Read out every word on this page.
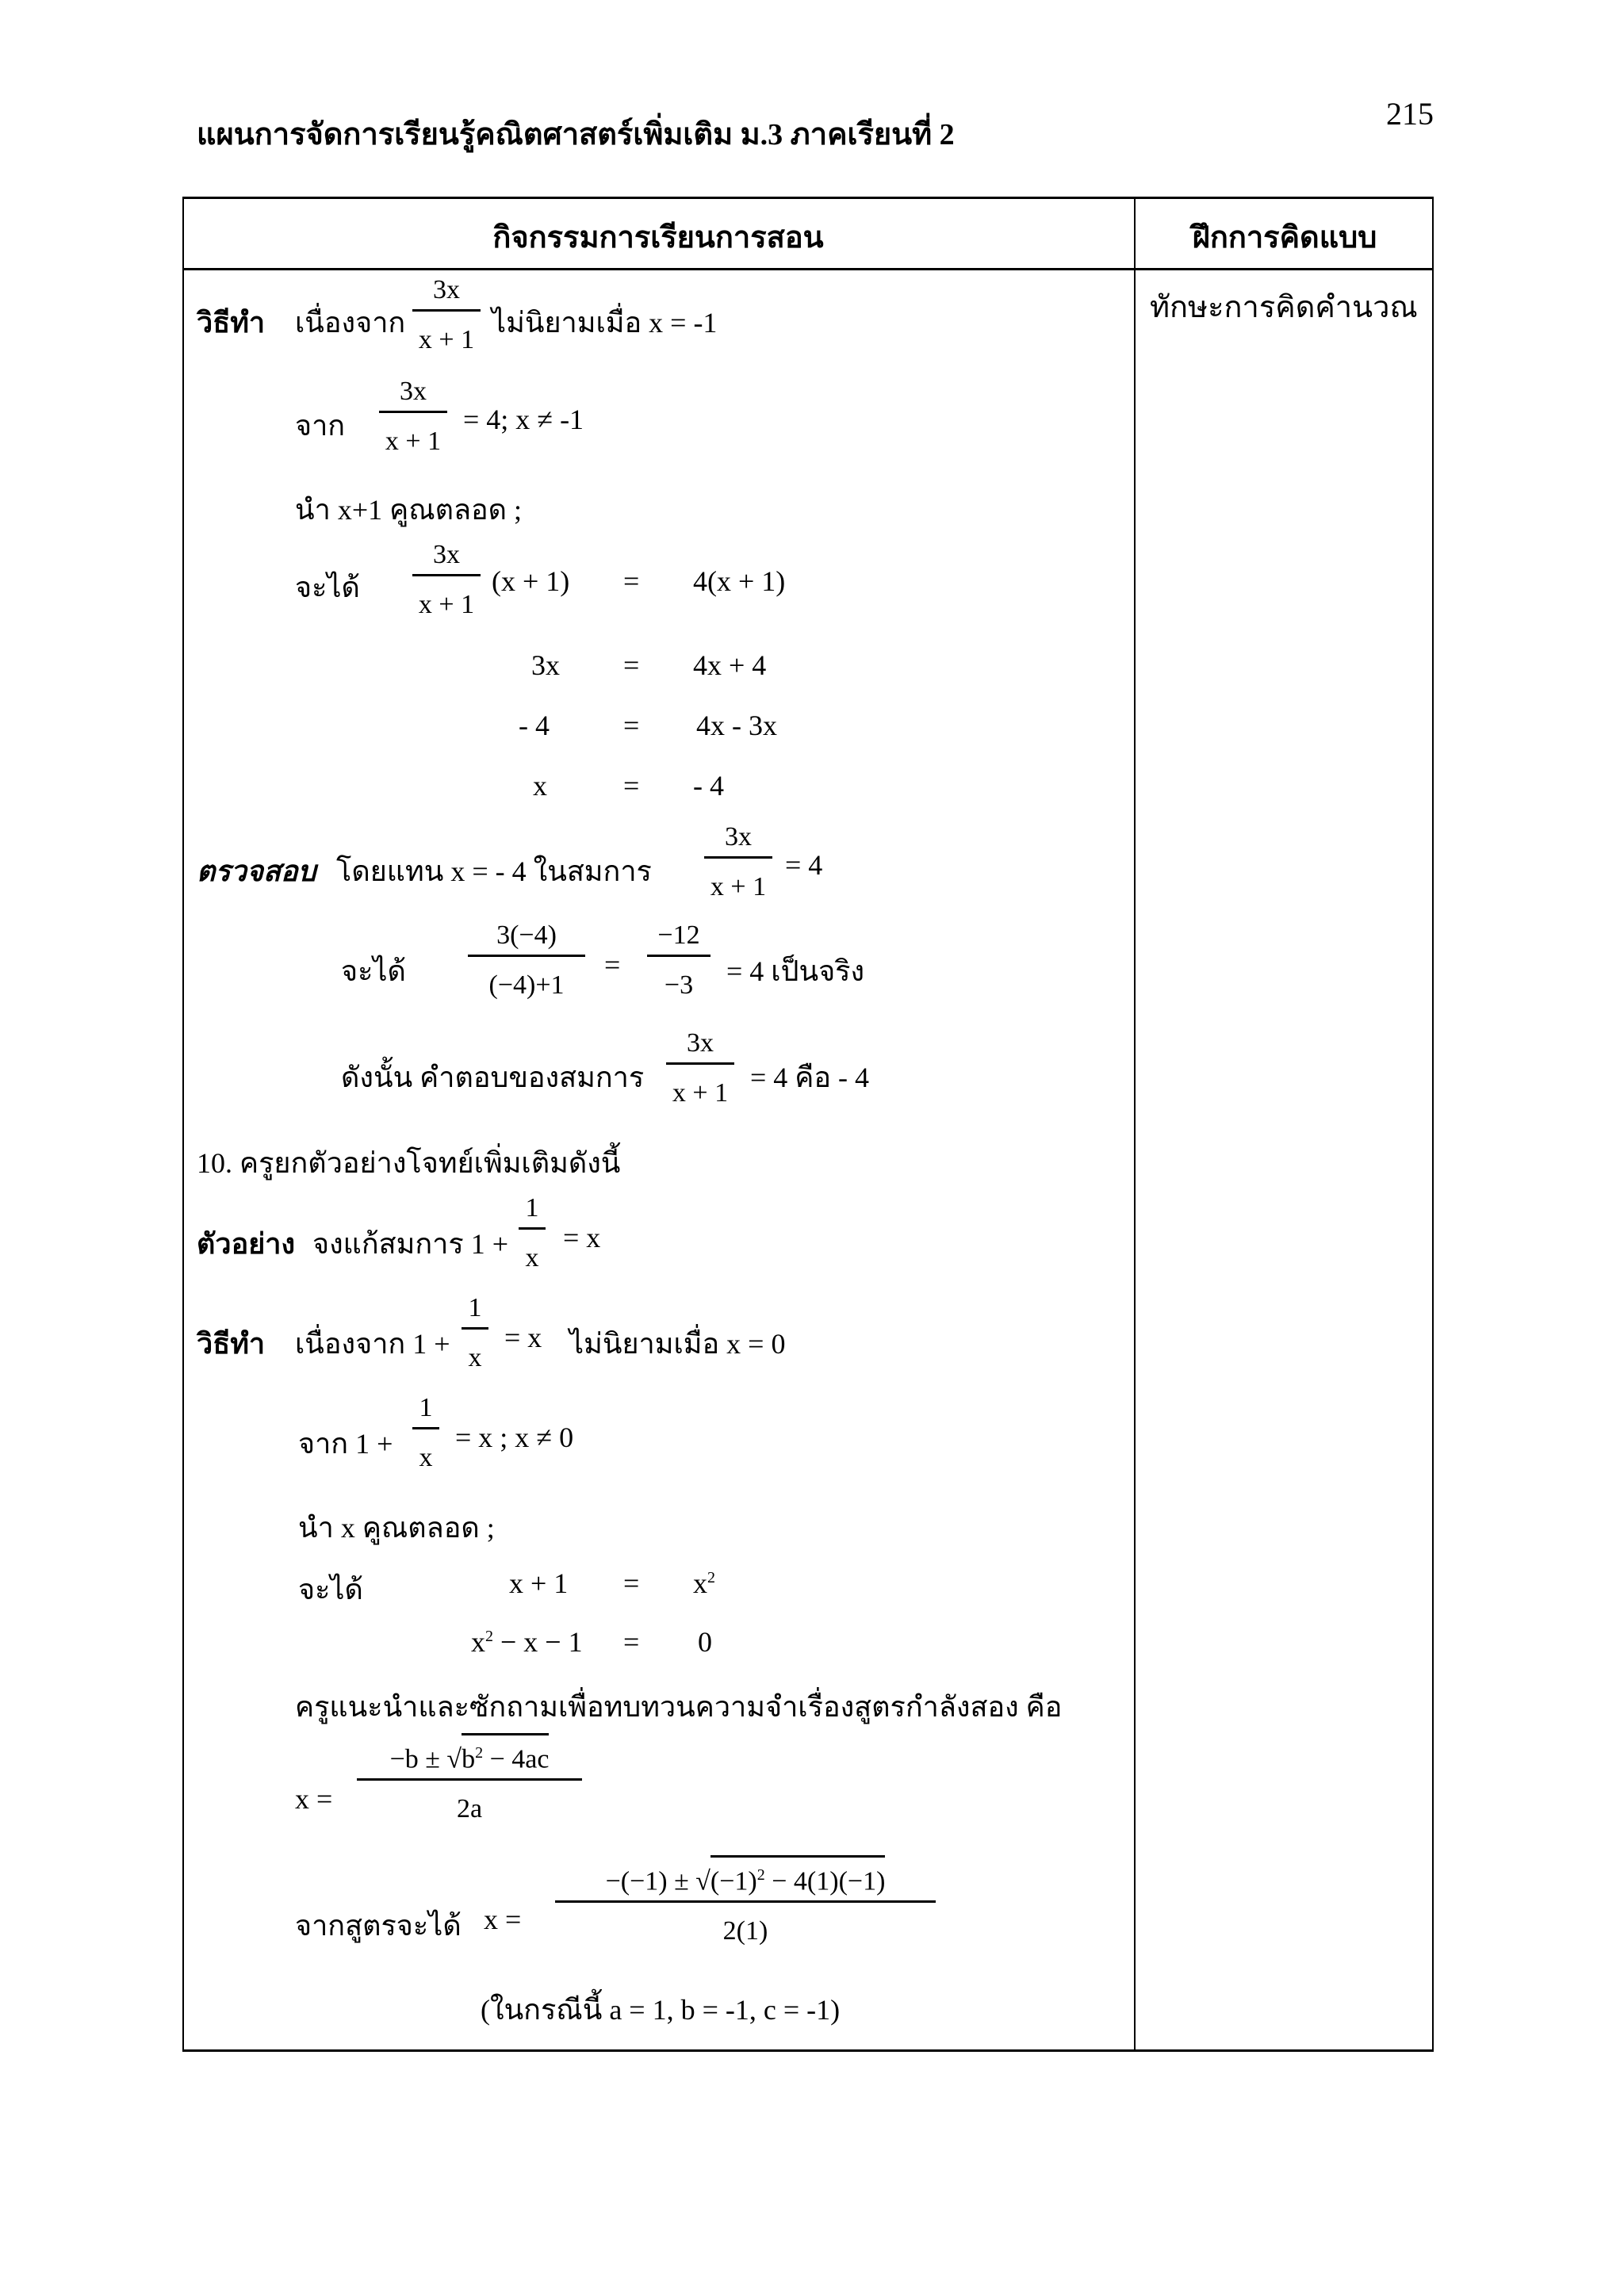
แผนการจัดการเรียนรู้คณิตศาสตร์เพิ่มเติม ม.3 ภาคเรียนที่ 2
215
กิจกรรมการเรียนการสอน	ฝึกการคิดแบบ
ทักษะการคิดคำนวณ
วิธีทำ เนื่องจาก
3x
x + 1
ไม่นิยามเมื่อ x = -1
จาก
3x
x + 1
= 4; x ≠ -1
นำ x+1 คูณตลอด ;
จะได้
3x
x + 1
(x + 1) = 4(x + 1)
3x = 4x + 4
- 4	= 4x - 3x
x	= - 4
ตรวจสอบ โดยแทน x = - 4 ในสมการ
3x
x + 1
= 4
จะได้
3(−4)
(−4)+1
=
−12
−3 = 4 เป็นจริง
ดังนั้น คำตอบของสมการ
3x
x + 1 = 4 คือ - 4
10. ครูยกตัวอย่างโจทย์เพิ่มเติมดังนี้
ตัวอย่าง จงแก้สมการ 1 +
1
x
= x
วิธีทำ เนื่องจาก 1 +
1
x
= x ไม่นิยามเมื่อ x = 0
จาก 1 +
1
x
= x ; x ≠ 0
นำ x คูณตลอด ;
จะได้	$x + 1 = x^2$
$x^2 - x - 1 = 0$
ครูแนะนำและซักถามเพื่อทบทวนความจำเรื่องสูตรกำลังสอง คือ
x =
$-b \pm √b^2 - 4ac$
2a
จากสูตรจะได้ x =
$-(-1) \pm √(-1)^2 - 4(1)(-1)$
2(1)
(ในกรณีนี้ a = 1, b = -1, c = -1)
